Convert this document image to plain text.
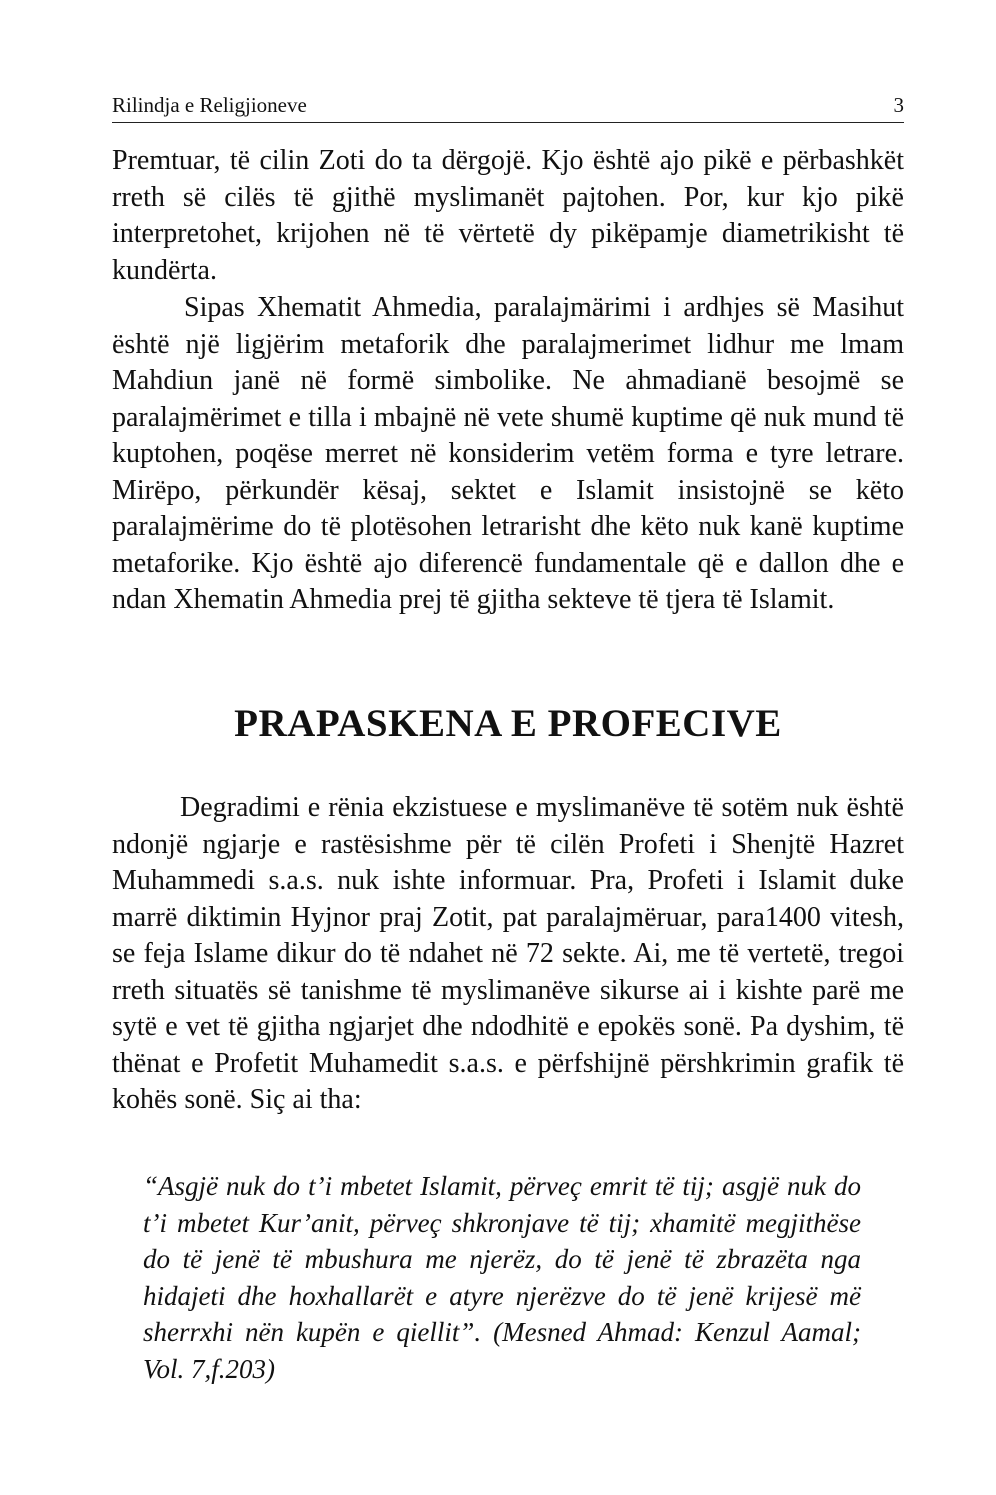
Rilindja e Religjioneve	3

Premtuar, të cilin Zoti do ta dërgojë. Kjo është ajo pikë e përbashkët rreth së cilës të gjithë myslimanët pajtohen. Por, kur kjo pikë interpretohet, krijohen në të vërtetë dy pikëpamje diametrikisht të kundërta.

Sipas Xhematit Ahmedia, paralajmärimi i ardhjes së Masihut është një ligjërim metaforik dhe paralajmerimet lidhur me lmam Mahdiun janë në formë simbolike. Ne ahmadianë besojmë se paralajmërimet e tilla i mbajnë në vete shumë kuptime që nuk mund të kuptohen, poqëse merret në konsiderim vetëm forma e tyre letrare. Mirëpo, përkundër kësaj, sektet e Islamit insistojnë se këto paralajmërime do të plotësohen letrarisht dhe këto nuk kanë kuptime metaforike. Kjo është ajo diferencë fundamentale që e dallon dhe e ndan Xhematin Ahmedia prej të gjitha sekteve të tjera të Islamit.

PRAPASKENA E PROFECIVE

Degradimi e rënia ekzistuese e myslimanëve të sotëm nuk është ndonjë ngjarje e rastësishme për të cilën Profeti i Shenjtë Hazret Muhammedi s.a.s. nuk ishte informuar. Pra, Profeti i Islamit duke marrë diktimin Hyjnor praj Zotit, pat paralajmëruar, para1400 vitesh, se feja Islame dikur do të ndahet në 72 sekte. Ai, me të vertetë, tregoi rreth situatës së tanishme të myslimanëve sikurse ai i kishte parë me sytë e vet të gjitha ngjarjet dhe ndodhitë e epokës sonë. Pa dyshim, të thënat e Profetit Muhamedit s.a.s. e përfshijnë përshkrimin grafik të kohës sonë. Siç ai tha:

“Asgjë nuk do t’i mbetet Islamit, përveç emrit të tij; asgjë nuk do t’i mbetet Kur’anit, përveç shkronjave të tij; xhamitë megjithëse do të jenë të mbushura me njerëz, do të jenë të zbrazëta nga hidajeti dhe hoxhallarët e atyre njerëzve do të jenë krijesë më sherrxhi nën kupën e qiellit”. (Mesned Ahmad: Kenzul Aamal; Vol. 7,f.203)
